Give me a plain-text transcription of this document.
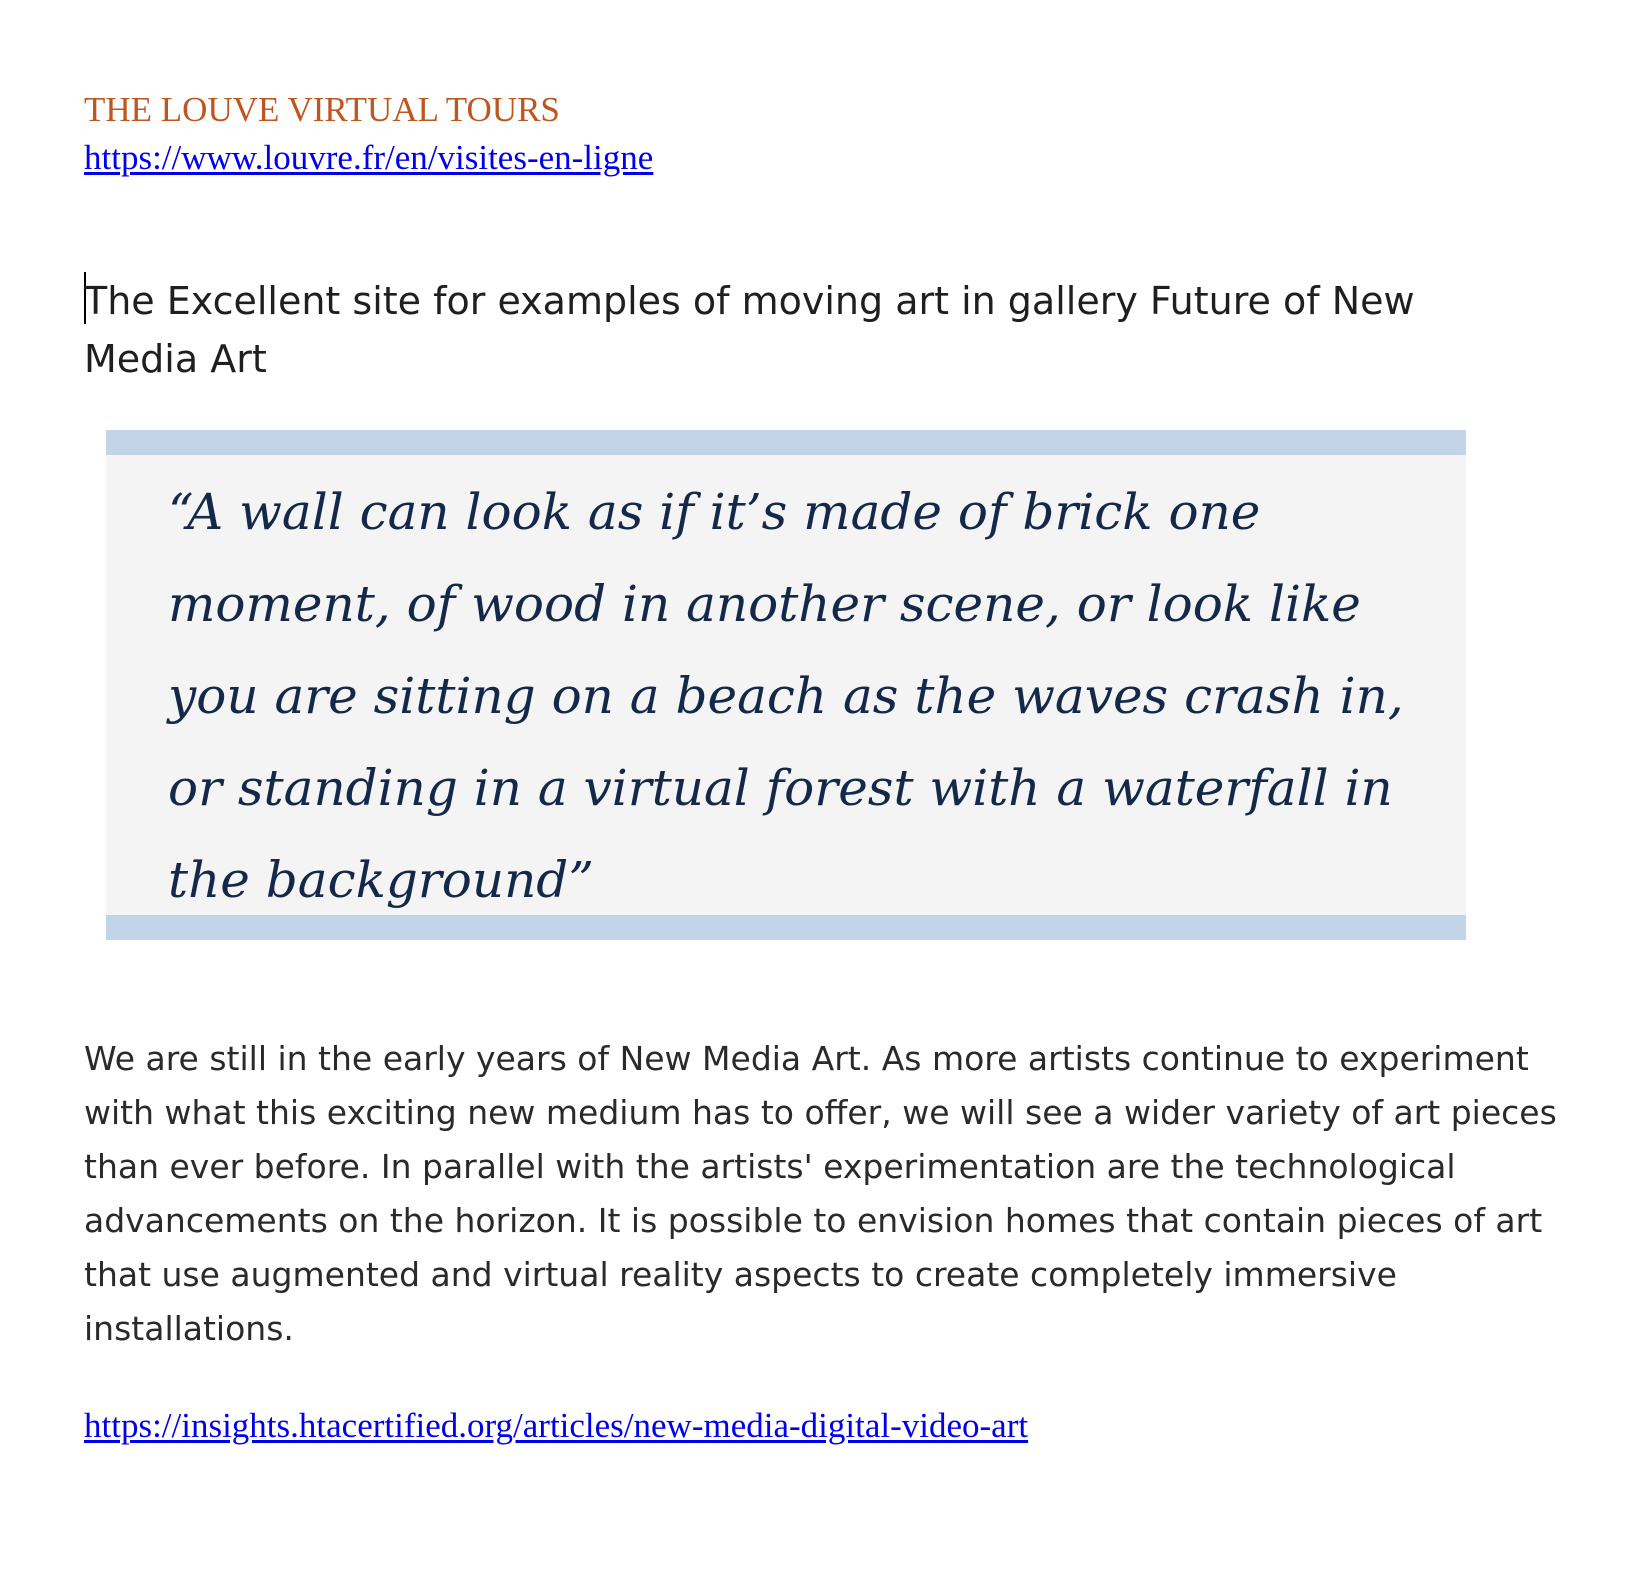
THE LOUVE VIRTUAL TOURS
https://www.louvre.fr/en/visites-en-ligne

The Excellent site for examples of moving art in gallery Future of New Media Art

“A wall can look as if it’s made of brick one moment, of wood in another scene, or look like you are sitting on a beach as the waves crash in, or standing in a virtual forest with a waterfall in the background”

We are still in the early years of New Media Art. As more artists continue to experiment with what this exciting new medium has to offer, we will see a wider variety of art pieces than ever before. In parallel with the artists' experimentation are the technological advancements on the horizon. It is possible to envision homes that contain pieces of art that use augmented and virtual reality aspects to create completely immersive installations.

https://insights.htacertified.org/articles/new-media-digital-video-art
